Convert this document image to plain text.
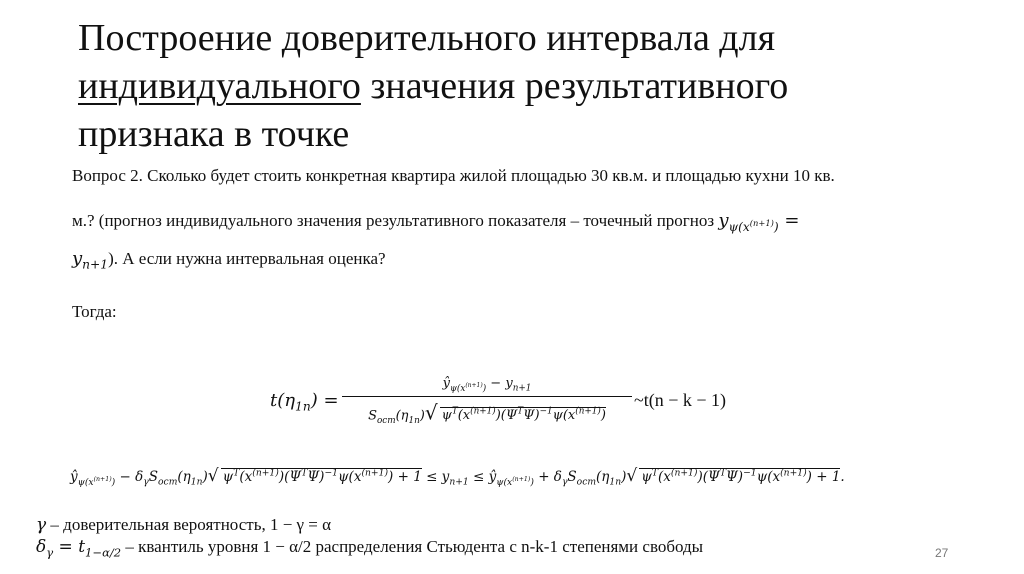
Построение доверительного интервала для
индивидуального значения результативного
признака в точке
Вопрос 2. Сколько будет стоить конкретная квартира жилой площадью 30 кв.м. и площадью кухни 10 кв.
м.? (прогноз индивидуального значения результативного показателя – точечный прогноз $y_{\psi(x^{(n+1)})}$ =
$y_{n+1}$). А если нужна интервальная оценка?
Тогда:
$t(\eta_{1n})$ =
$ŷ_{\psi(x^{(n+1)})} - y_{n+1}$
$S_{ост}(\eta_{1n})√$ $\psi^T(x^{(n+1)})(\Psi^T\Psi)^{-1}\psi(x^{(n+1)})$
~t(n − k − 1)
$ŷ_{\psi(x^{(n+1)})} - \delta_\gamma S_{ост}(\eta_{1n})√$ $\psi^T(x^{(n+1)})(\Psi^T\Psi)^{-1}\psi(x^{(n+1)}) + 1 \le y_{n+1}$ ≤ $ŷ_{\psi(x^{(n+1)})} + \delta_\gamma S_{ост}(\eta_{1n})√$ $\psi^T(x^{(n+1)})(\Psi^T\Psi)^{-1}\psi(x^{(n+1)}) + 1$.
γ – доверительная вероятность, 1 − γ = α
$\delta_\gamma = t_{1-\alpha/2}$ – квантиль уровня 1 − α/2 распределения Стьюдента с n-k-1 степенями свободы	27
